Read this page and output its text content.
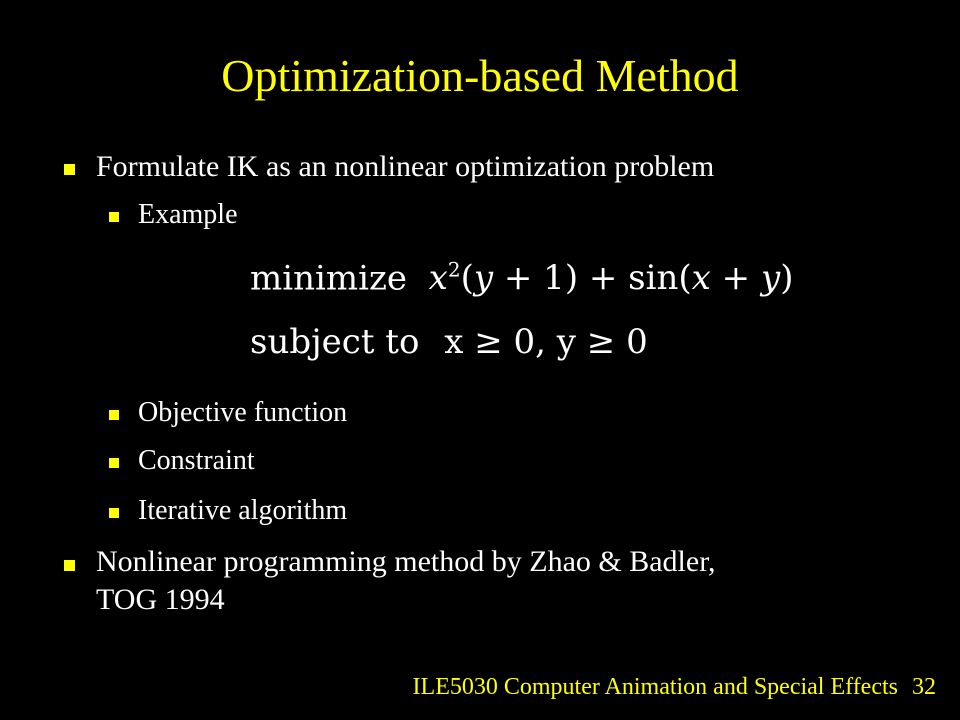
Optimization-based Method
Formulate IK as an nonlinear optimization problem
Example
minimize $x^2(y + 1) + \sin(x + y)$
subject to x ≥ 0, y ≥ 0
Objective function
Constraint
Iterative algorithm
Nonlinear programming method by Zhao & Badler,
TOG 1994
ILE5030 Computer Animation and Special Effects 32
